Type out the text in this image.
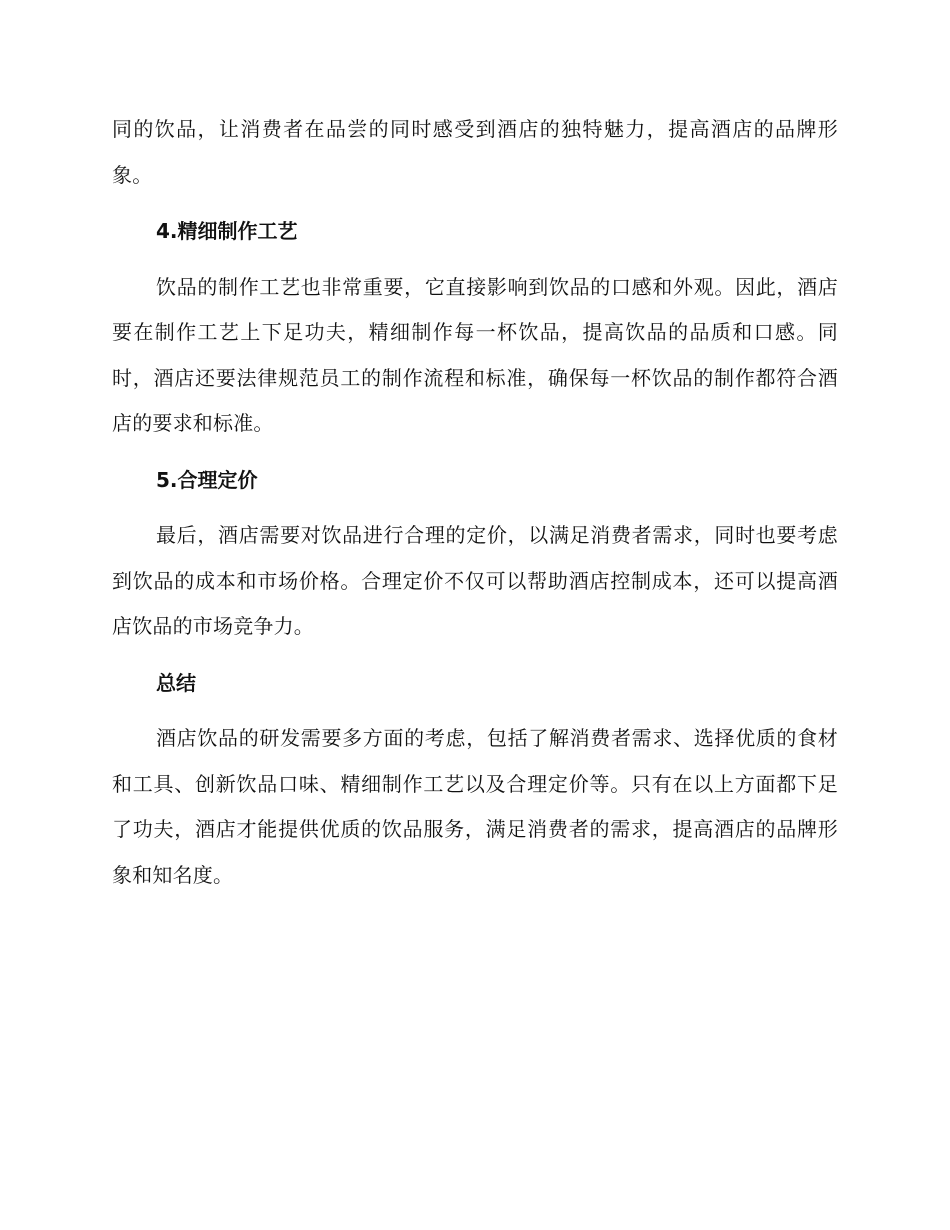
同的饮品，让消费者在品尝的同时感受到酒店的独特魅力，提高酒店的品牌形象。

4.精细制作工艺

饮品的制作工艺也非常重要，它直接影响到饮品的口感和外观。因此，酒店要在制作工艺上下足功夫，精细制作每一杯饮品，提高饮品的品质和口感。同时，酒店还要法律规范员工的制作流程和标准，确保每一杯饮品的制作都符合酒店的要求和标准。

5.合理定价

最后，酒店需要对饮品进行合理的定价，以满足消费者需求，同时也要考虑到饮品的成本和市场价格。合理定价不仅可以帮助酒店控制成本，还可以提高酒店饮品的市场竞争力。

总结

酒店饮品的研发需要多方面的考虑，包括了解消费者需求、选择优质的食材和工具、创新饮品口味、精细制作工艺以及合理定价等。只有在以上方面都下足了功夫，酒店才能提供优质的饮品服务，满足消费者的需求，提高酒店的品牌形象和知名度。
